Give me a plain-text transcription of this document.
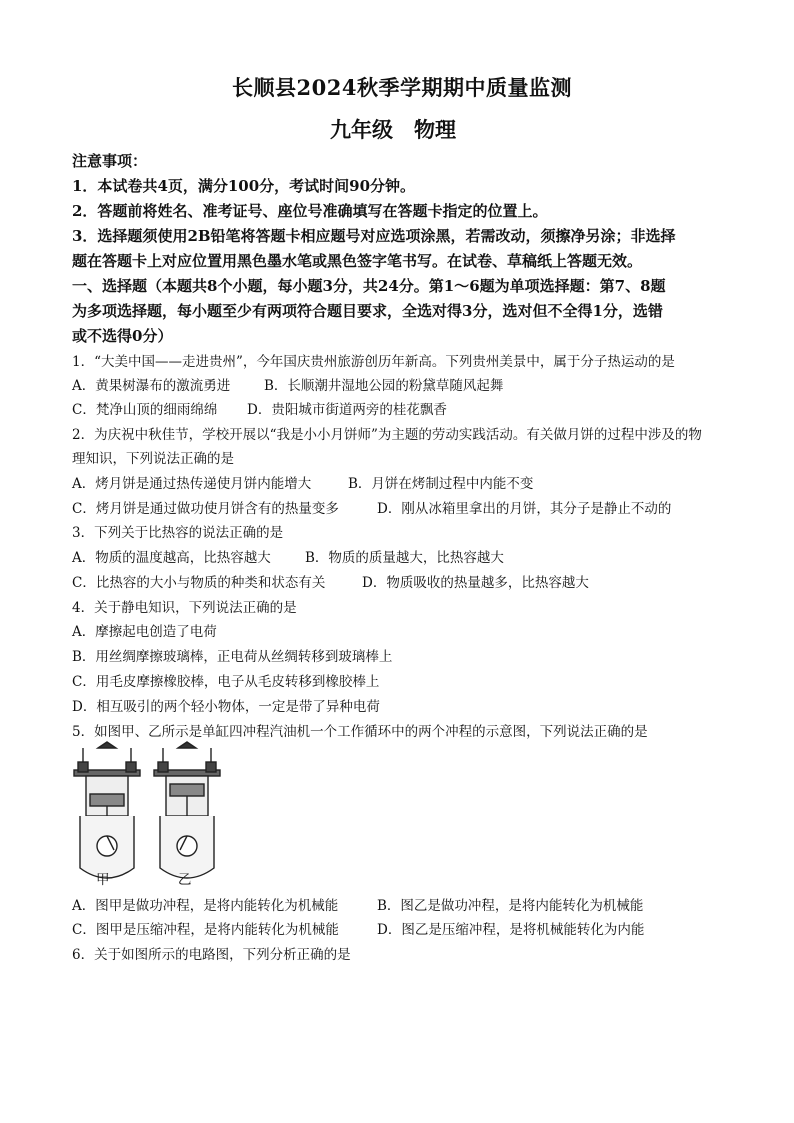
长顺县2024秋季学期期中质量监测
九年级　物理
注意事项：
1．本试卷共4页，满分100分，考试时间90分钟。
2．答题前将姓名、准考证号、座位号准确填写在答题卡指定的位置上。
3．选择题须使用2B铅笔将答题卡相应题号对应选项涂黑，若需改动，须擦净另涂；非选择
题在答题卡上对应位置用黑色墨水笔或黑色签字笔书写。在试卷、草稿纸上答题无效。
一、选择题（本题共8个小题，每小题3分，共24分。第1～6题为单项选择题：第7、8题
为多项选择题，每小题至少有两项符合题目要求，全选对得3分，选对但不全得1分，选错
或不选得0分）
1．“大美中国——走进贵州”，今年国庆贵州旅游创历年新高。下列贵州美景中，属于分子热运动的是
A．黄果树瀑布的激流勇进	B．长顺潮井湿地公园的粉黛草随风起舞
C．梵净山顶的细雨绵绵 D．贵阳城市街道两旁的桂花飘香
2．为庆祝中秋佳节，学校开展以“我是小小月饼师”为主题的劳动实践活动。有关做月饼的过程中涉及的物
理知识，下列说法正确的是
A．烤月饼是通过热传递使月饼内能增大	B．月饼在烤制过程中内能不变
C．烤月饼是通过做功使月饼含有的热量变多	D．刚从冰箱里拿出的月饼，其分子是静止不动的
3．下列关于比热容的说法正确的是
A．物质的温度越高，比热容越大	B．物质的质量越大，比热容越大
C．比热容的大小与物质的种类和状态有关	D．物质吸收的热量越多，比热容越大
4．关于静电知识，下列说法正确的是
A．摩擦起电创造了电荷
B．用丝绸摩擦玻璃棒，正电荷从丝绸转移到玻璃棒上
C．用毛皮摩擦橡胶棒，电子从毛皮转移到橡胶棒上
D．相互吸引的两个轻小物体，一定是带了异种电荷
5．如图甲、乙所示是单缸四冲程汽油机一个工作循环中的两个冲程的示意图，下列说法正确的是
甲	乙
A．图甲是做功冲程，是将内能转化为机械能	B．图乙是做功冲程，是将内能转化为机械能
C．图甲是压缩冲程，是将内能转化为机械能	D．图乙是压缩冲程，是将机械能转化为内能
6．关于如图所示的电路图，下列分析正确的是
